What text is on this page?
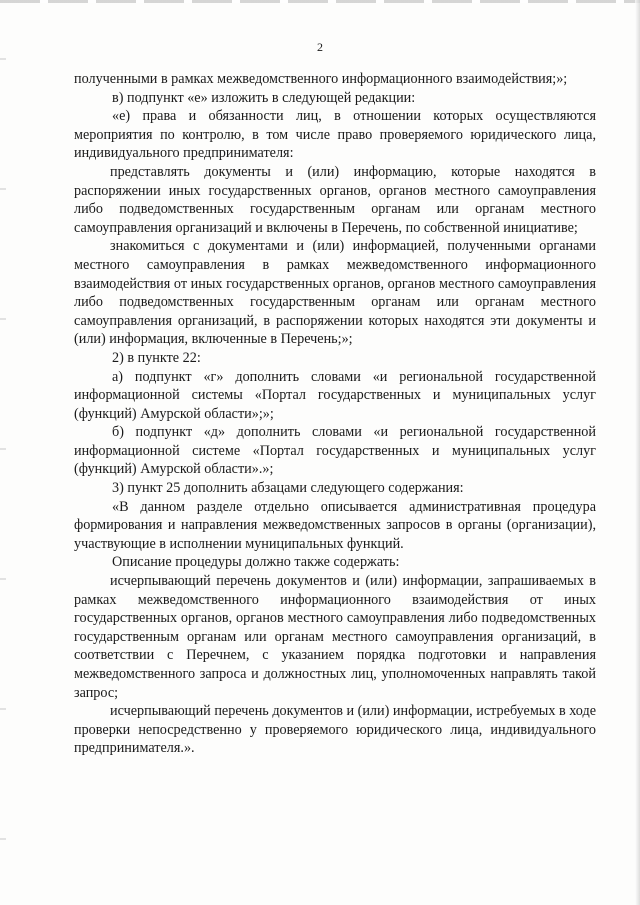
2

полученными в рамках межведомственного информационного взаимодействия;»;

в) подпункт «е» изложить в следующей редакции:

«е) права и обязанности лиц, в отношении которых осуществляются мероприятия по контролю, в том числе право проверяемого юридического лица, индивидуального предпринимателя:

представлять документы и (или) информацию, которые находятся в распоряжении иных государственных органов, органов местного самоуправления либо подведомственных государственным органам или органам местного самоуправления организаций и включены в Перечень, по собственной инициативе;

знакомиться с документами и (или) информацией, полученными органами местного самоуправления в рамках межведомственного информационного взаимодействия от иных государственных органов, органов местного самоуправления либо подведомственных государственным органам или органам местного самоуправления организаций, в распоряжении которых находятся эти документы и (или) информация, включенные в Перечень;»;

2) в пункте 22:

а) подпункт «г» дополнить словами «и региональной государственной информационной системы «Портал государственных и муниципальных услуг (функций) Амурской области»;»;

б) подпункт «д» дополнить словами «и региональной государственной информационной системе «Портал государственных и муниципальных услуг (функций) Амурской области».»;

3) пункт 25 дополнить абзацами следующего содержания:

«В данном разделе отдельно описывается административная процедура формирования и направления межведомственных запросов в органы (организации), участвующие в исполнении муниципальных функций.

Описание процедуры должно также содержать:

исчерпывающий перечень документов и (или) информации, запрашиваемых в рамках межведомственного информационного взаимодействия от иных государственных органов, органов местного самоуправления либо подведомственных государственным органам или органам местного самоуправления организаций, в соответствии с Перечнем, с указанием порядка подготовки и направления межведомственного запроса и должностных лиц, уполномоченных направлять такой запрос;

исчерпывающий перечень документов и (или) информации, истребуемых в ходе проверки непосредственно у проверяемого юридического лица, индивидуального предпринимателя.».
